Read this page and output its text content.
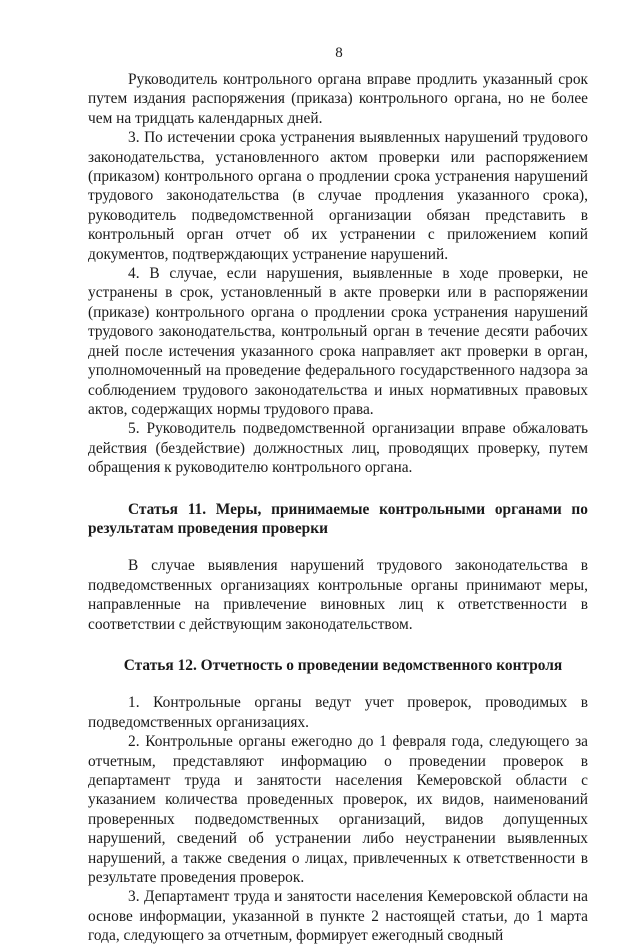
8

Руководитель контрольного органа вправе продлить указанный срок путем издания распоряжения (приказа) контрольного органа, но не более чем на тридцать календарных дней.

3. По истечении срока устранения выявленных нарушений трудового законодательства, установленного актом проверки или распоряжением (приказом) контрольного органа о продлении срока устранения нарушений трудового законодательства (в случае продления указанного срока), руководитель подведомственной организации обязан представить в контрольный орган отчет об их устранении с приложением копий документов, подтверждающих устранение нарушений.

4. В случае, если нарушения, выявленные в ходе проверки, не устранены в срок, установленный в акте проверки или в распоряжении (приказе) контрольного органа о продлении срока устранения нарушений трудового законодательства, контрольный орган в течение десяти рабочих дней после истечения указанного срока направляет акт проверки в орган, уполномоченный на проведение федерального государственного надзора за соблюдением трудового законодательства и иных нормативных правовых актов, содержащих нормы трудового права.

5. Руководитель подведомственной организации вправе обжаловать действия (бездействие) должностных лиц, проводящих проверку, путем обращения к руководителю контрольного органа.

Статья 11. Меры, принимаемые контрольными органами по результатам проведения проверки

В случае выявления нарушений трудового законодательства в подведомственных организациях контрольные органы принимают меры, направленные на привлечение виновных лиц к ответственности в соответствии с действующим законодательством.

Статья 12. Отчетность о проведении ведомственного контроля

1. Контрольные органы ведут учет проверок, проводимых в подведомственных организациях.

2. Контрольные органы ежегодно до 1 февраля года, следующего за отчетным, представляют информацию о проведении проверок в департамент труда и занятости населения Кемеровской области с указанием количества проведенных проверок, их видов, наименований проверенных подведомственных организаций, видов допущенных нарушений, сведений об устранении либо неустранении выявленных нарушений, а также сведения о лицах, привлеченных к ответственности в результате проведения проверок.

3. Департамент труда и занятости населения Кемеровской области на основе информации, указанной в пункте 2 настоящей статьи, до 1 марта года, следующего за отчетным, формирует ежегодный сводный
